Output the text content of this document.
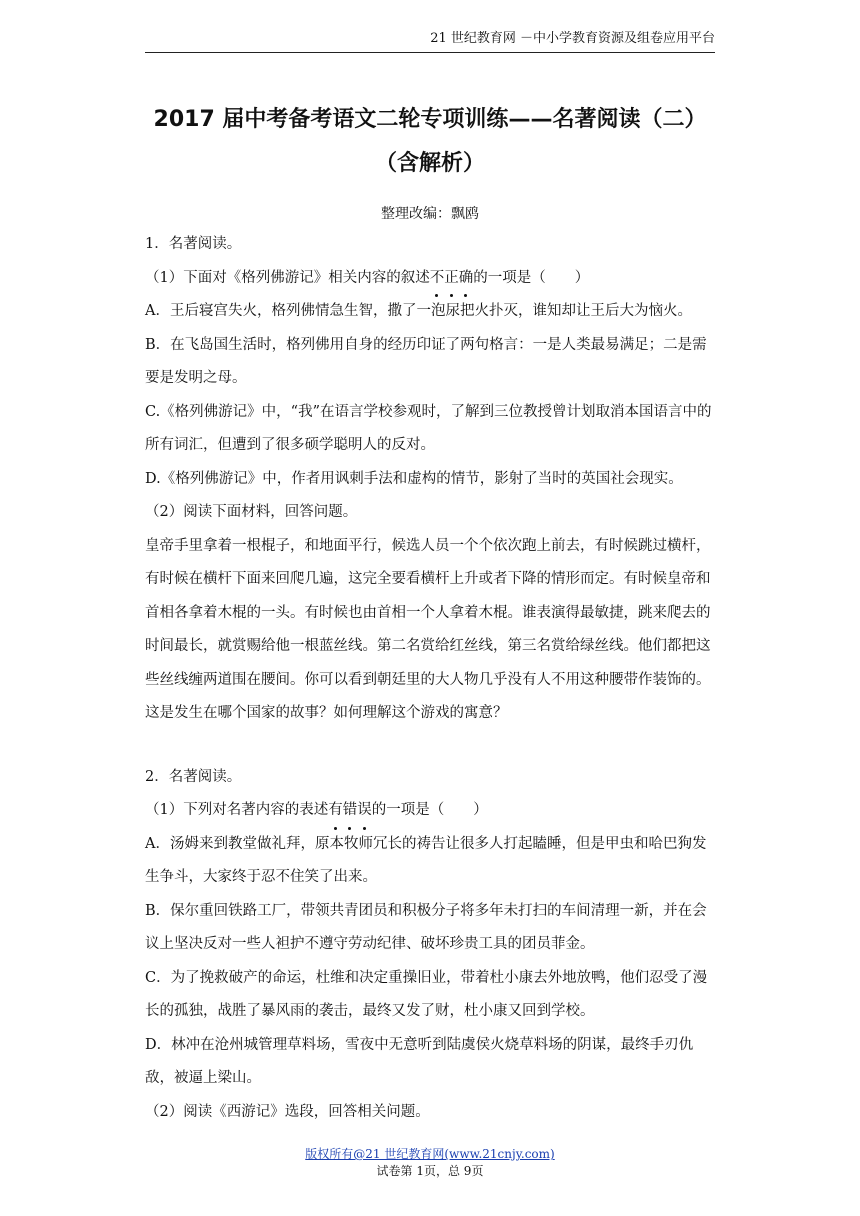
21 世纪教育网 －中小学教育资源及组卷应用平台
2017 届中考备考语文二轮专项训练——名著阅读（二）
（含解析）
整理改编：飘鸥

1．名著阅读。

（1）下面对《格列佛游记》相关内容的叙述不正确的一项是（　　）

A．王后寝宫失火，格列佛情急生智，撒了一泡尿把火扑灭，谁知却让王后大为恼火。

B．在飞岛国生活时，格列佛用自身的经历印证了两句格言：一是人类最易满足；二是需要是发明之母。

C.《格列佛游记》中，“我”在语言学校参观时，了解到三位教授曾计划取消本国语言中的所有词汇，但遭到了很多硕学聪明人的反对。

D.《格列佛游记》中，作者用讽刺手法和虚构的情节，影射了当时的英国社会现实。

（2）阅读下面材料，回答问题。

皇帝手里拿着一根棍子，和地面平行，候选人员一个个依次跑上前去，有时候跳过横杆，有时候在横杆下面来回爬几遍，这完全要看横杆上升或者下降的情形而定。有时候皇帝和首相各拿着木棍的一头。有时候也由首相一个人拿着木棍。谁表演得最敏捷，跳来爬去的时间最长，就赏赐给他一根蓝丝线。第二名赏给红丝线，第三名赏给绿丝线。他们都把这些丝线缠两道围在腰间。你可以看到朝廷里的大人物几乎没有人不用这种腰带作装饰的。这是发生在哪个国家的故事？如何理解这个游戏的寓意？

2．名著阅读。

（1）下列对名著内容的表述有错误的一项是（　　）

A．汤姆来到教堂做礼拜，原本牧师冗长的祷告让很多人打起瞌睡，但是甲虫和哈巴狗发生争斗，大家终于忍不住笑了出来。

B．保尔重回铁路工厂，带领共青团员和积极分子将多年未打扫的车间清理一新，并在会议上坚决反对一些人袒护不遵守劳动纪律、破坏珍贵工具的团员菲金。

C．为了挽救破产的命运，杜维和决定重操旧业，带着杜小康去外地放鸭，他们忍受了漫长的孤独，战胜了暴风雨的袭击，最终又发了财，杜小康又回到学校。

D．林冲在沧州城管理草料场，雪夜中无意听到陆虞侯火烧草料场的阴谋，最终手刃仇敌，被逼上梁山。

（2）阅读《西游记》选段，回答相关问题。

版权所有@21 世纪教育网(www.21cnjy.com)
试卷第 1页，总 9页
